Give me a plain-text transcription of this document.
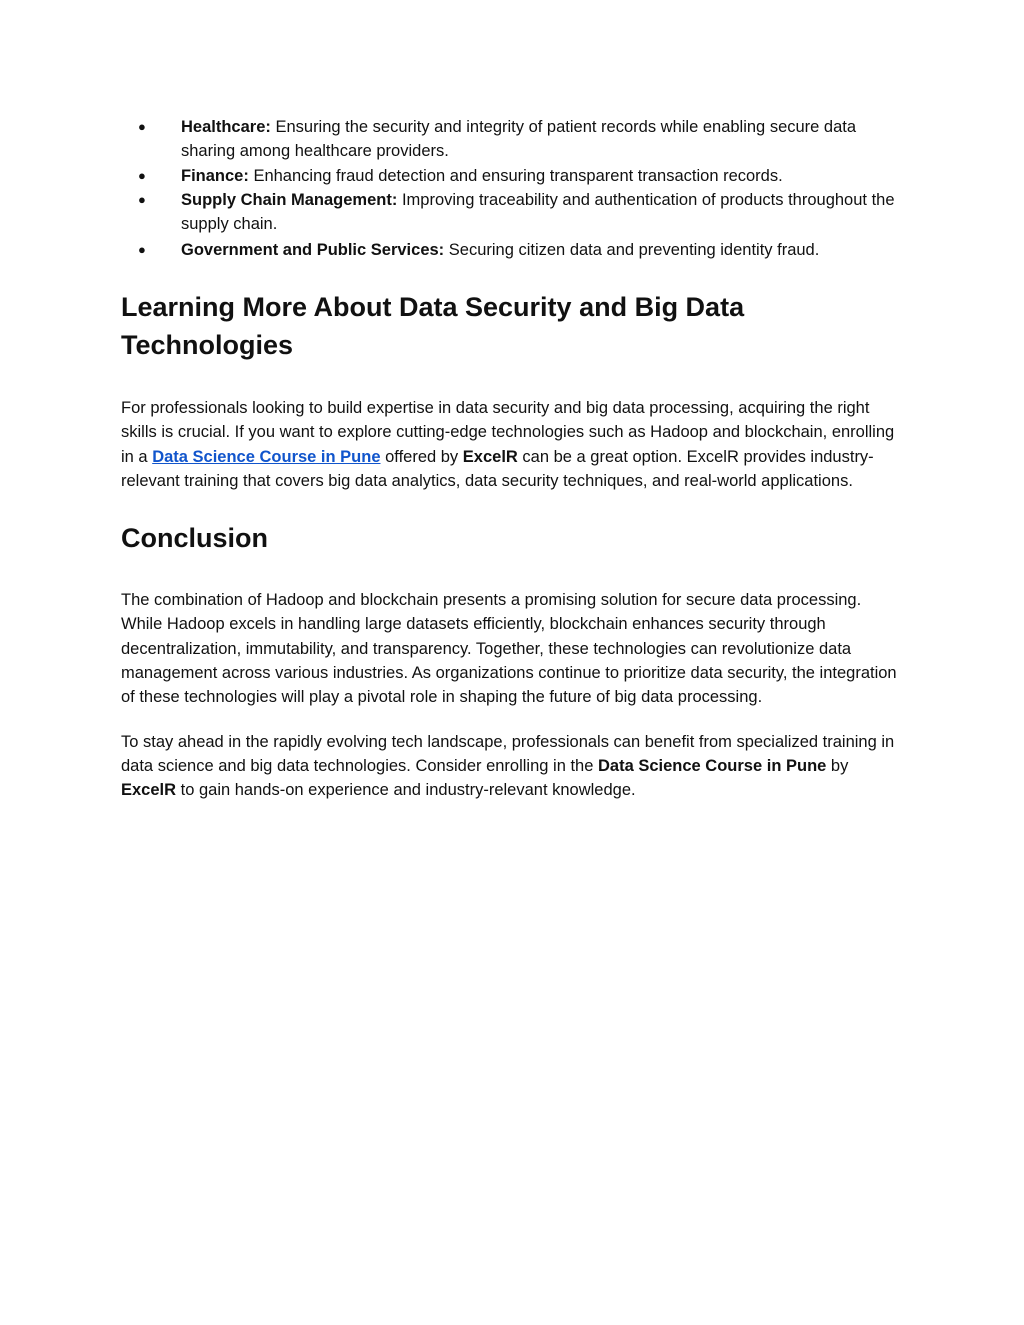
● Healthcare: Ensuring the security and integrity of patient records while enabling secure data sharing among healthcare providers.
● Finance: Enhancing fraud detection and ensuring transparent transaction records.
● Supply Chain Management: Improving traceability and authentication of products throughout the supply chain.
● Government and Public Services: Securing citizen data and preventing identity fraud.
Learning More About Data Security and Big Data Technologies

For professionals looking to build expertise in data security and big data processing, acquiring the right skills is crucial. If you want to explore cutting-edge technologies such as Hadoop and blockchain, enrolling in a Data Science Course in Pune offered by ExcelR can be a great option. ExcelR provides industry-relevant training that covers big data analytics, data security techniques, and real-world applications.

Conclusion

The combination of Hadoop and blockchain presents a promising solution for secure data processing. While Hadoop excels in handling large datasets efficiently, blockchain enhances security through decentralization, immutability, and transparency. Together, these technologies can revolutionize data management across various industries. As organizations continue to prioritize data security, the integration of these technologies will play a pivotal role in shaping the future of big data processing.

To stay ahead in the rapidly evolving tech landscape, professionals can benefit from specialized training in data science and big data technologies. Consider enrolling in the Data Science Course in Pune by ExcelR to gain hands-on experience and industry-relevant knowledge.
